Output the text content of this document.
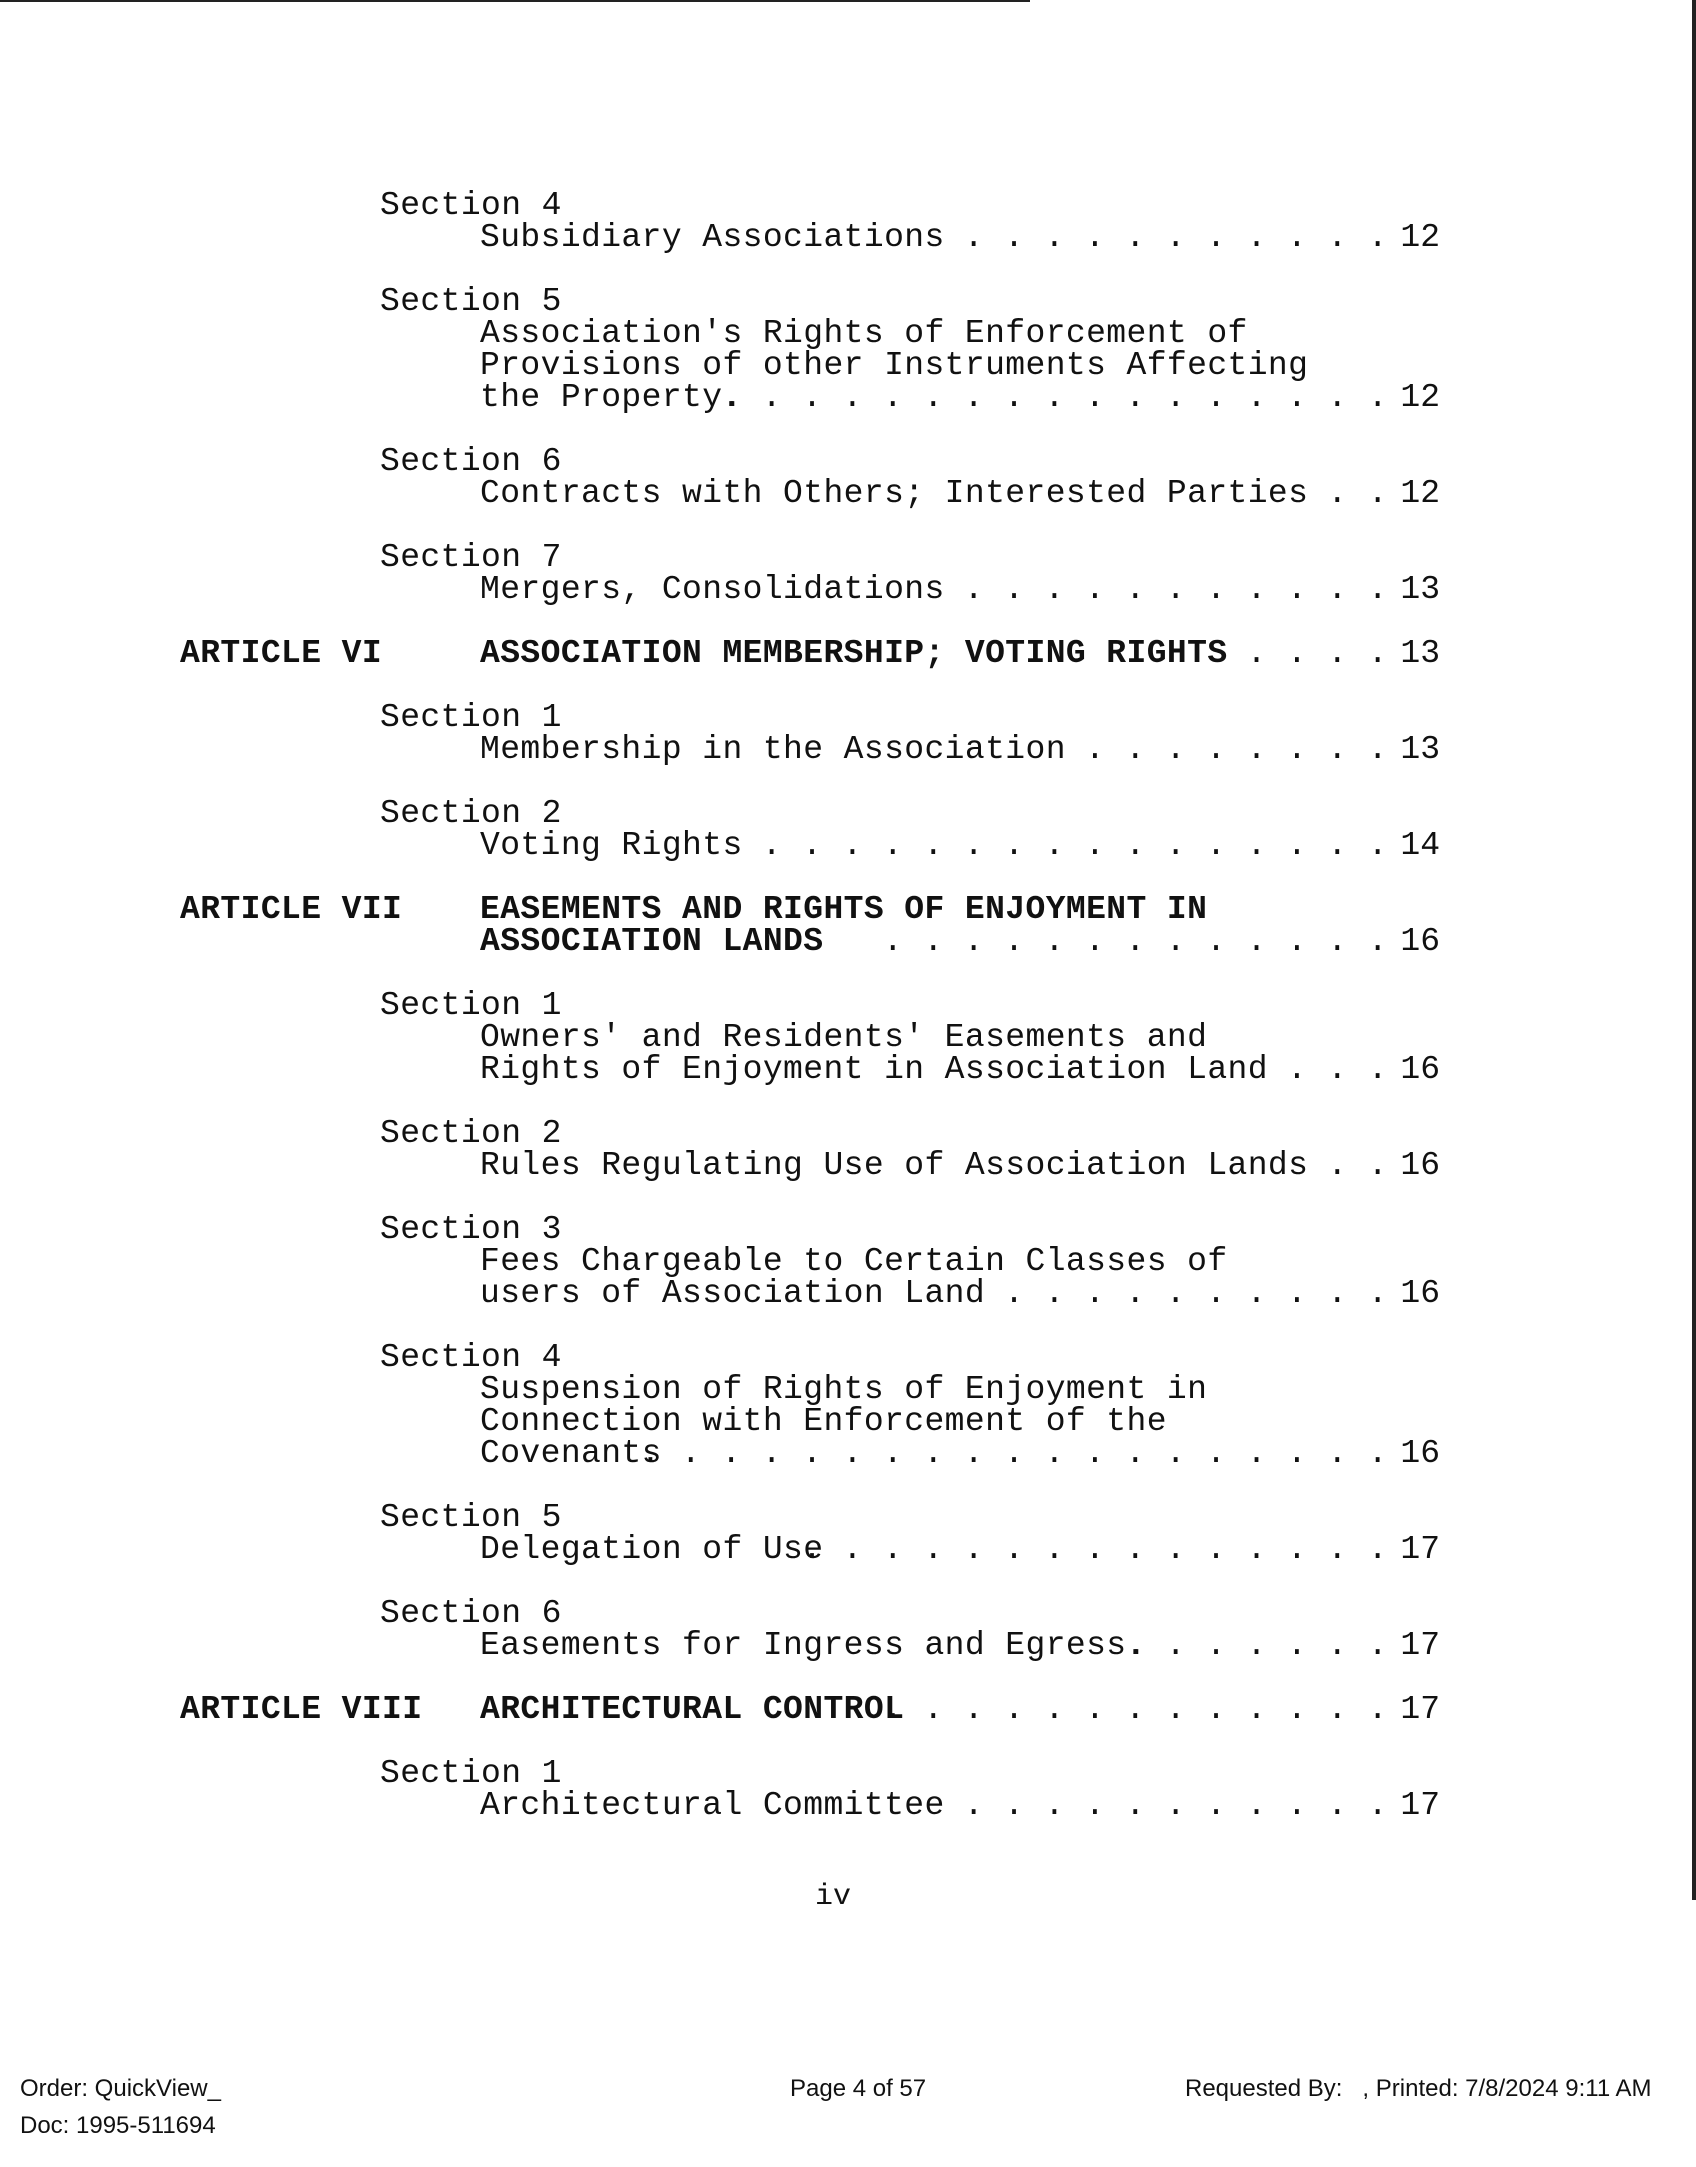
Section 4
Subsidiary Associations . . . . . . . . . . . 12
Section 5
Association's Rights of Enforcement of
Provisions of other Instruments Affecting
the Property.
. . . . . . . . . . . . . . . . . 12
Section 6
Contracts with Others; Interested Parties . . 12
Section 7
Mergers, Consolidations . . . . . . . . . . . 13
ARTICLE VI	ASSOCIATION MEMBERSHIP; VOTING RIGHTS . . . . 13
Section 1
Membership in the Association . . . . . . . . 13
Section 2
Voting Rights . . . . . . . . . . . . . . . . 14
ARTICLE VII EASEMENTS AND RIGHTS OF ENJOYMENT IN
ASSOCIATION LANDS . . . . . . . . . . . . . 16
Section 1
Owners' and Residents' Easements and
Rights of Enjoyment in Association Land . . . 16
Section 2
Rules Regulating Use of Association Lands . . 16
Section 3
Fees Chargeable to Certain Classes of
users of Association Land . . . . . . . . . . 16
Section 4
Suspension of Rights of Enjoyment in
Connection with Enforcement of the
Covenants
. . . . . . . . . . . . . . . . . . . 16
Section 5
Delegation of Use
. . . . . . . . . . . . . . . 17
Section 6
Easements for Ingress and Egress.
. . . . . . . 17
ARTICLE VIII ARCHITECTURAL CONTROL
. . . . . . . . . . . . . 17
Section 1
Architectural Committee . . . . . . . . . . . 17
iv
Order: QuickView_
Doc: 1995-511694
Page 4 of 57	Requested By:   , Printed: 7/8/2024 9:11 AM
